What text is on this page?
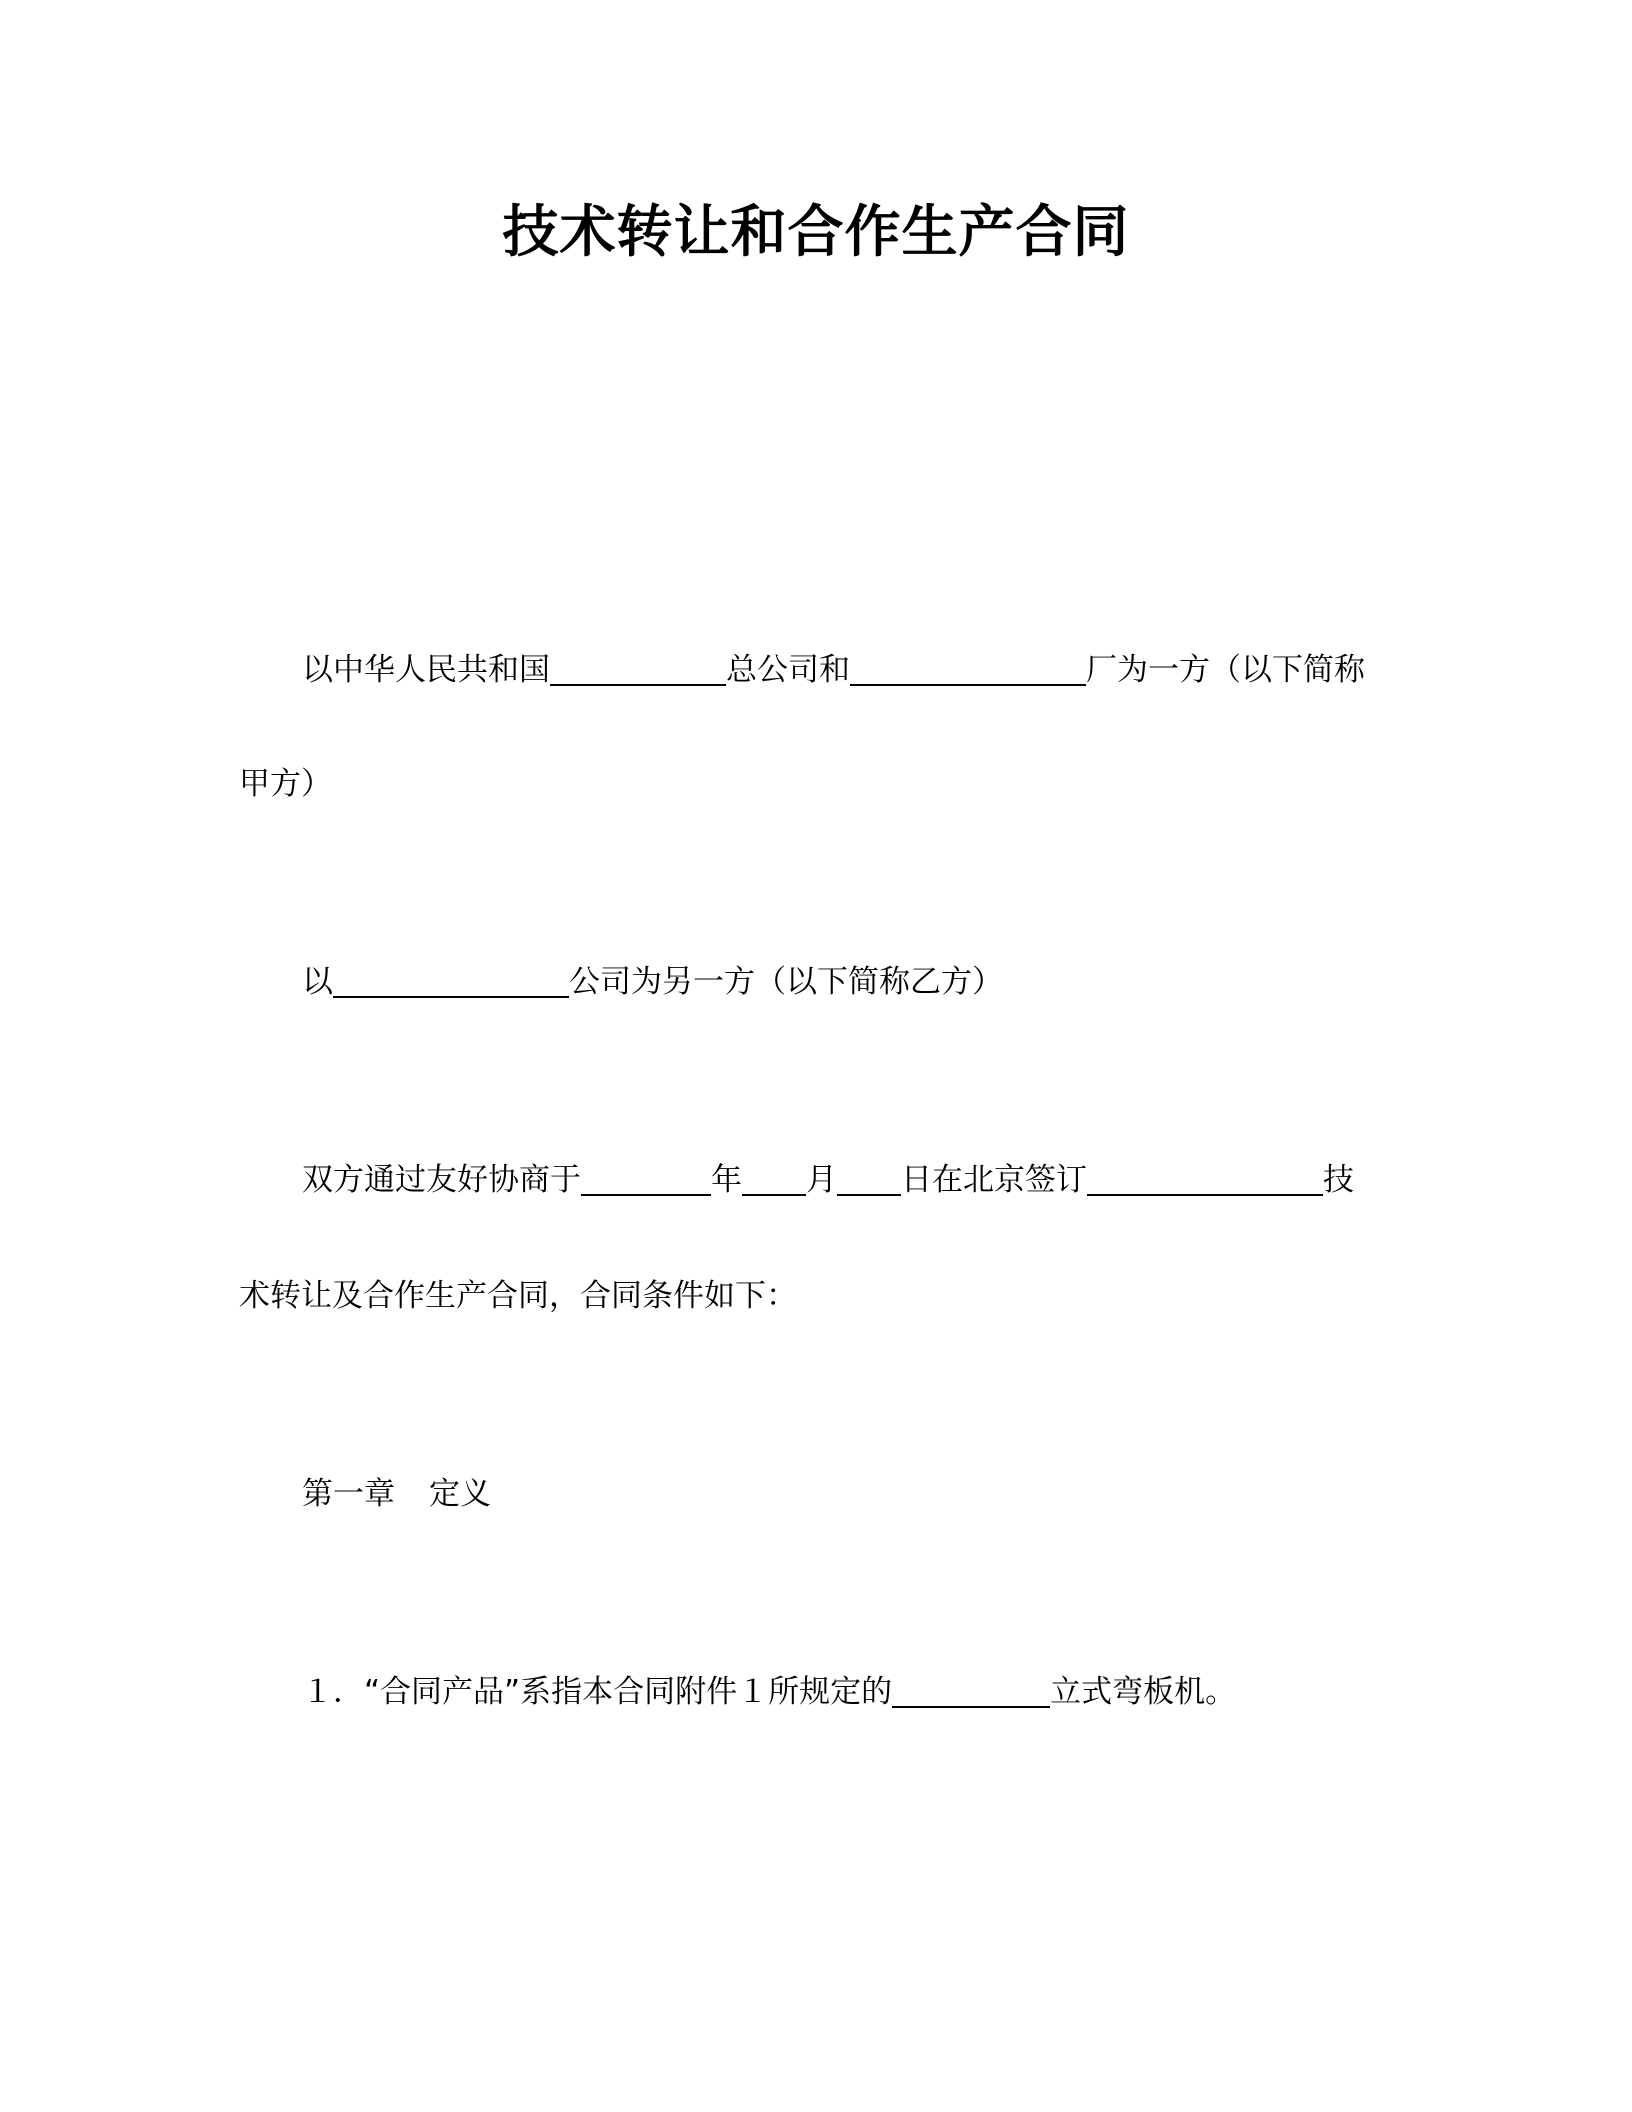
技术转让和合作生产合同
以中华人民共和国	总公司和	厂为一方（以下简称
甲方）
以	公司为另一方（以下简称乙方）
双方通过友好协商于	年 月 日在北京签订	技
术转让及合作生产合同，合同条件如下：
第一章 定义
１．“合同产品”系指本合同附件１所规定的	立式弯板机。
